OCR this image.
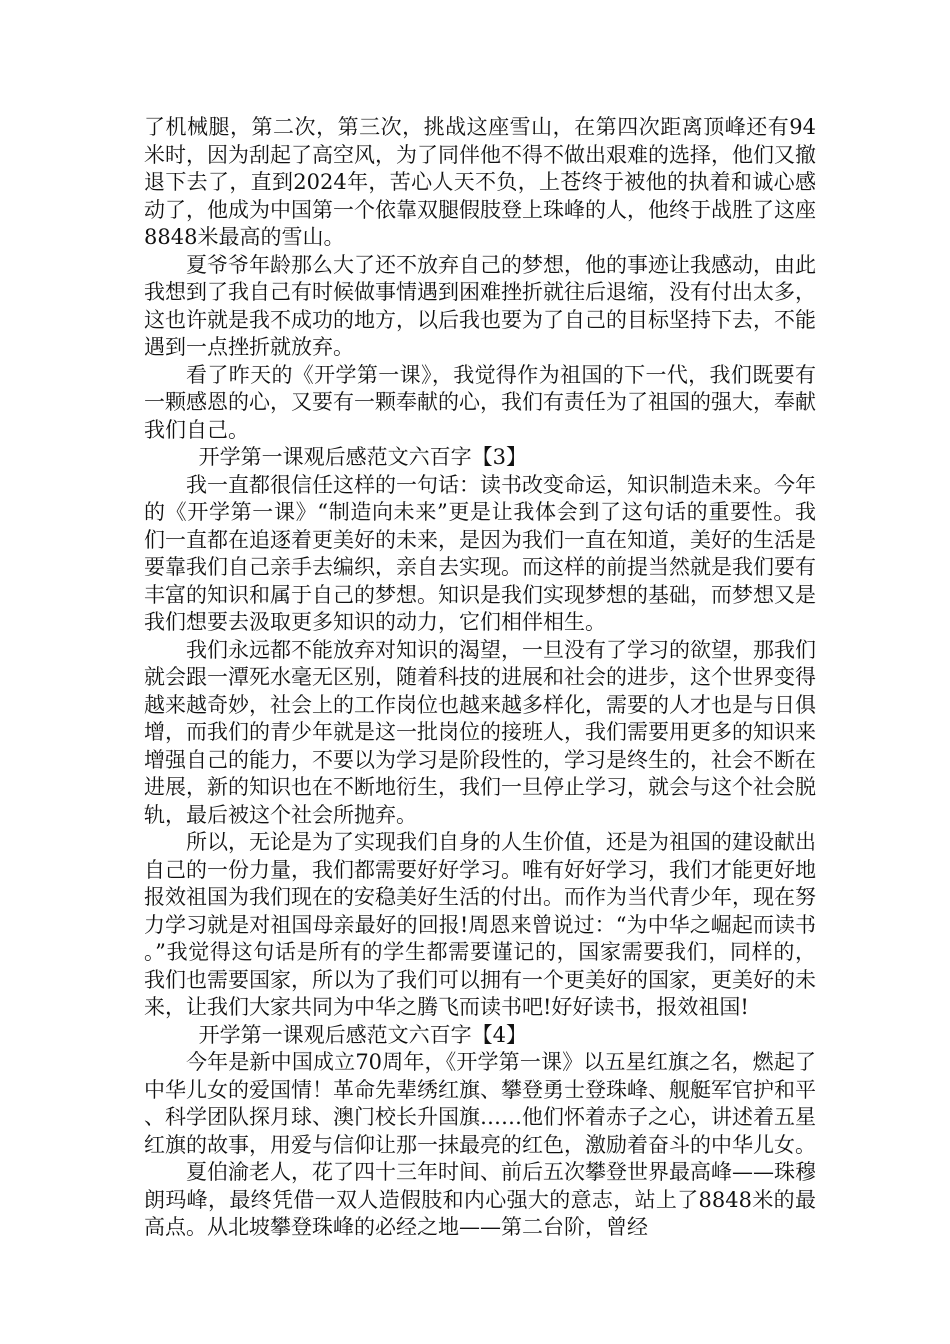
了机械腿，第二次，第三次，挑战这座雪山，在第四次距离顶峰还有94米时，因为刮起了高空风，为了同伴他不得不做出艰难的选择，他们又撤退下去了，直到2024年，苦心人天不负，上苍终于被他的执着和诚心感动了，他成为中国第一个依靠双腿假肢登上珠峰的人，他终于战胜了这座8848米最高的雪山。

夏爷爷年龄那么大了还不放弃自己的梦想，他的事迹让我感动，由此我想到了我自己有时候做事情遇到困难挫折就往后退缩，没有付出太多，这也许就是我不成功的地方，以后我也要为了自己的目标坚持下去，不能遇到一点挫折就放弃。

看了昨天的《开学第一课》，我觉得作为祖国的下一代，我们既要有一颗感恩的心，又要有一颗奉献的心，我们有责任为了祖国的强大，奉献我们自己。

开学第一课观后感范文六百字【3】

我一直都很信任这样的一句话：读书改变命运，知识制造未来。今年的《开学第一课》“制造向未来”更是让我体会到了这句话的重要性。我们一直都在追逐着更美好的未来，是因为我们一直在知道，美好的生活是要靠我们自己亲手去编织，亲自去实现。而这样的前提当然就是我们要有丰富的知识和属于自己的梦想。知识是我们实现梦想的基础，而梦想又是我们想要去汲取更多知识的动力，它们相伴相生。

我们永远都不能放弃对知识的渴望，一旦没有了学习的欲望，那我们就会跟一潭死水毫无区别，随着科技的进展和社会的进步，这个世界变得越来越奇妙，社会上的工作岗位也越来越多样化，需要的人才也是与日俱增，而我们的青少年就是这一批岗位的接班人，我们需要用更多的知识来增强自己的能力，不要以为学习是阶段性的，学习是终生的，社会不断在进展，新的知识也在不断地衍生，我们一旦停止学习，就会与这个社会脱轨，最后被这个社会所抛弃。

所以，无论是为了实现我们自身的人生价值，还是为祖国的建设献出自己的一份力量，我们都需要好好学习。唯有好好学习，我们才能更好地报效祖国为我们现在的安稳美好生活的付出。而作为当代青少年，现在努力学习就是对祖国母亲最好的回报!周恩来曾说过：“为中华之崛起而读书。”我觉得这句话是所有的学生都需要谨记的，国家需要我们，同样的，我们也需要国家，所以为了我们可以拥有一个更美好的国家，更美好的未来，让我们大家共同为中华之腾飞而读书吧!好好读书，报效祖国!

开学第一课观后感范文六百字【4】

今年是新中国成立70周年，《开学第一课》以五星红旗之名，燃起了中华儿女的爱国情！革命先辈绣红旗、攀登勇士登珠峰、舰艇军官护和平、科学团队探月球、澳门校长升国旗……他们怀着赤子之心，讲述着五星红旗的故事，用爱与信仰让那一抹最亮的红色，激励着奋斗的中华儿女。

夏伯渝老人，花了四十三年时间、前后五次攀登世界最高峰——珠穆朗玛峰，最终凭借一双人造假肢和内心强大的意志，站上了8848米的最高点。从北坡攀登珠峰的必经之地——第二台阶，曾经
